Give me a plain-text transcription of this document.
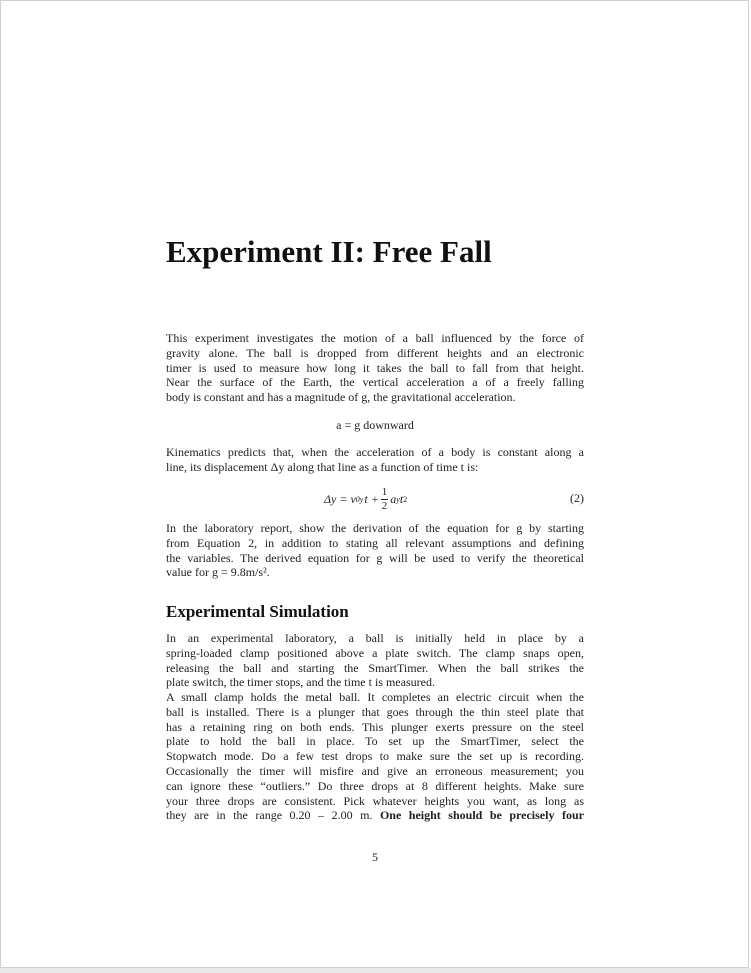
Experiment II: Free Fall
This experiment investigates the motion of a ball influenced by the force of
gravity alone. The ball is dropped from different heights and an electronic
timer is used to measure how long it takes the ball to fall from that height.
Near the surface of the Earth, the vertical acceleration a of a freely falling
body is constant and has a magnitude of g, the gravitational acceleration.
a = g downward
Kinematics predicts that, when the acceleration of a body is constant along a
line, its displacement Δy along that line as a function of time t is:
Δy = v 0y $t + \frac{1}{2}$ a y t 2	(2)
In the laboratory report, show the derivation of the equation for g by starting
from Equation 2, in addition to stating all relevant assumptions and defining
the variables. The derived equation for g will be used to verify the theoretical
value for g = 9.8m/s².
Experimental Simulation
In an experimental laboratory, a ball is initially held in place by a
spring-loaded clamp positioned above a plate switch. The clamp snaps open,
releasing the ball and starting the SmartTimer. When the ball strikes the
plate switch, the timer stops, and the time t is measured.
A small clamp holds the metal ball. It completes an electric circuit when the
ball is installed. There is a plunger that goes through the thin steel plate that
has a retaining ring on both ends. This plunger exerts pressure on the steel
plate to hold the ball in place. To set up the SmartTimer, select the
Stopwatch mode. Do a few test drops to make sure the set up is recording.
Occasionally the timer will misfire and give an erroneous measurement; you
can ignore these “outliers.” Do three drops at 8 different heights. Make sure
your three drops are consistent. Pick whatever heights you want, as long as
they are in the range 0.20 – 2.00 m. One height should be precisely four
5
